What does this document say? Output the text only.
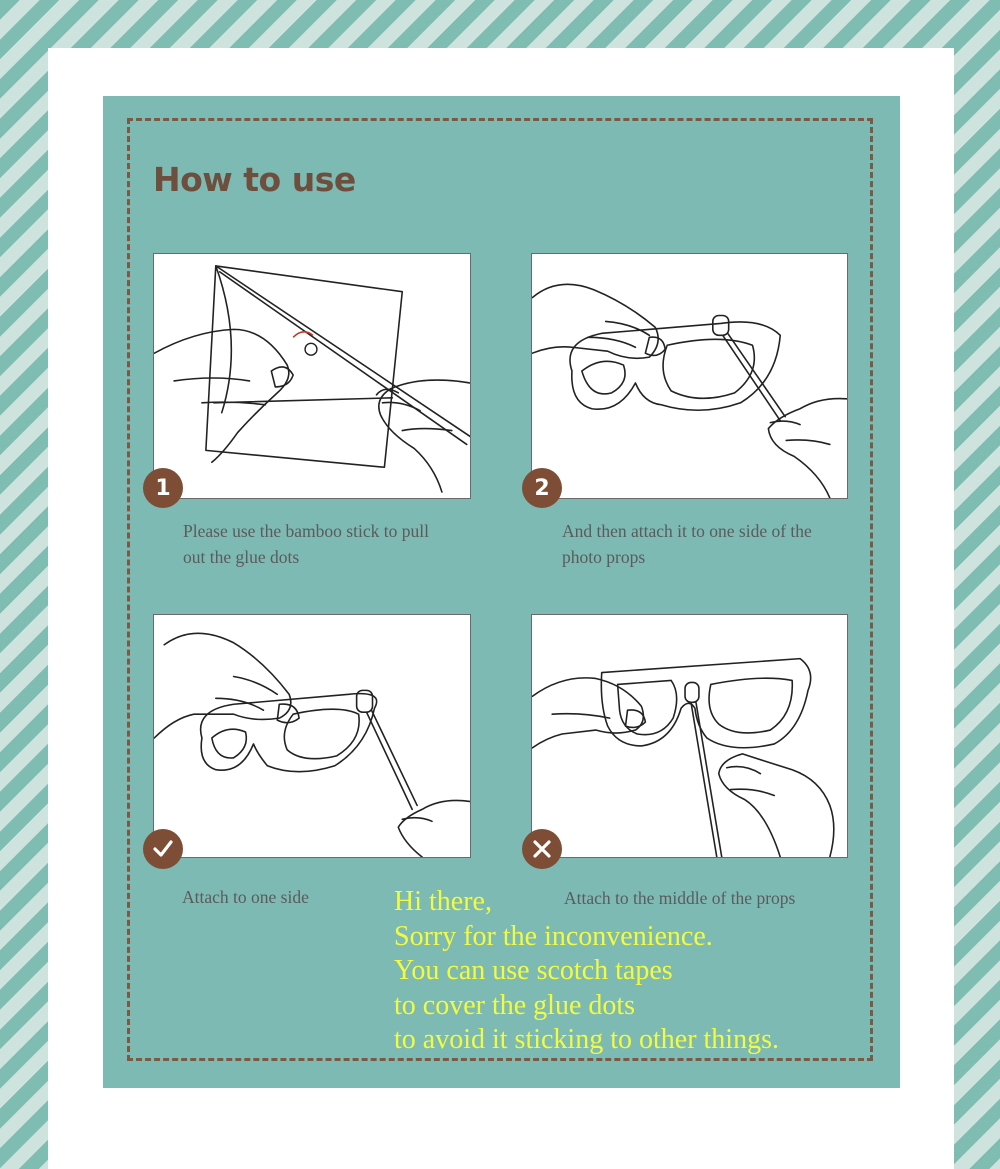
How to use
1

Please use the bamboo stick to pull
out the glue dots

2

And then attach it to one side of the
photo props

Attach to one side	Attach to the middle of the props

Hi there,
Sorry for the inconvenience.
You can use scotch tapes
to cover the glue dots
to avoid it sticking to other things.
